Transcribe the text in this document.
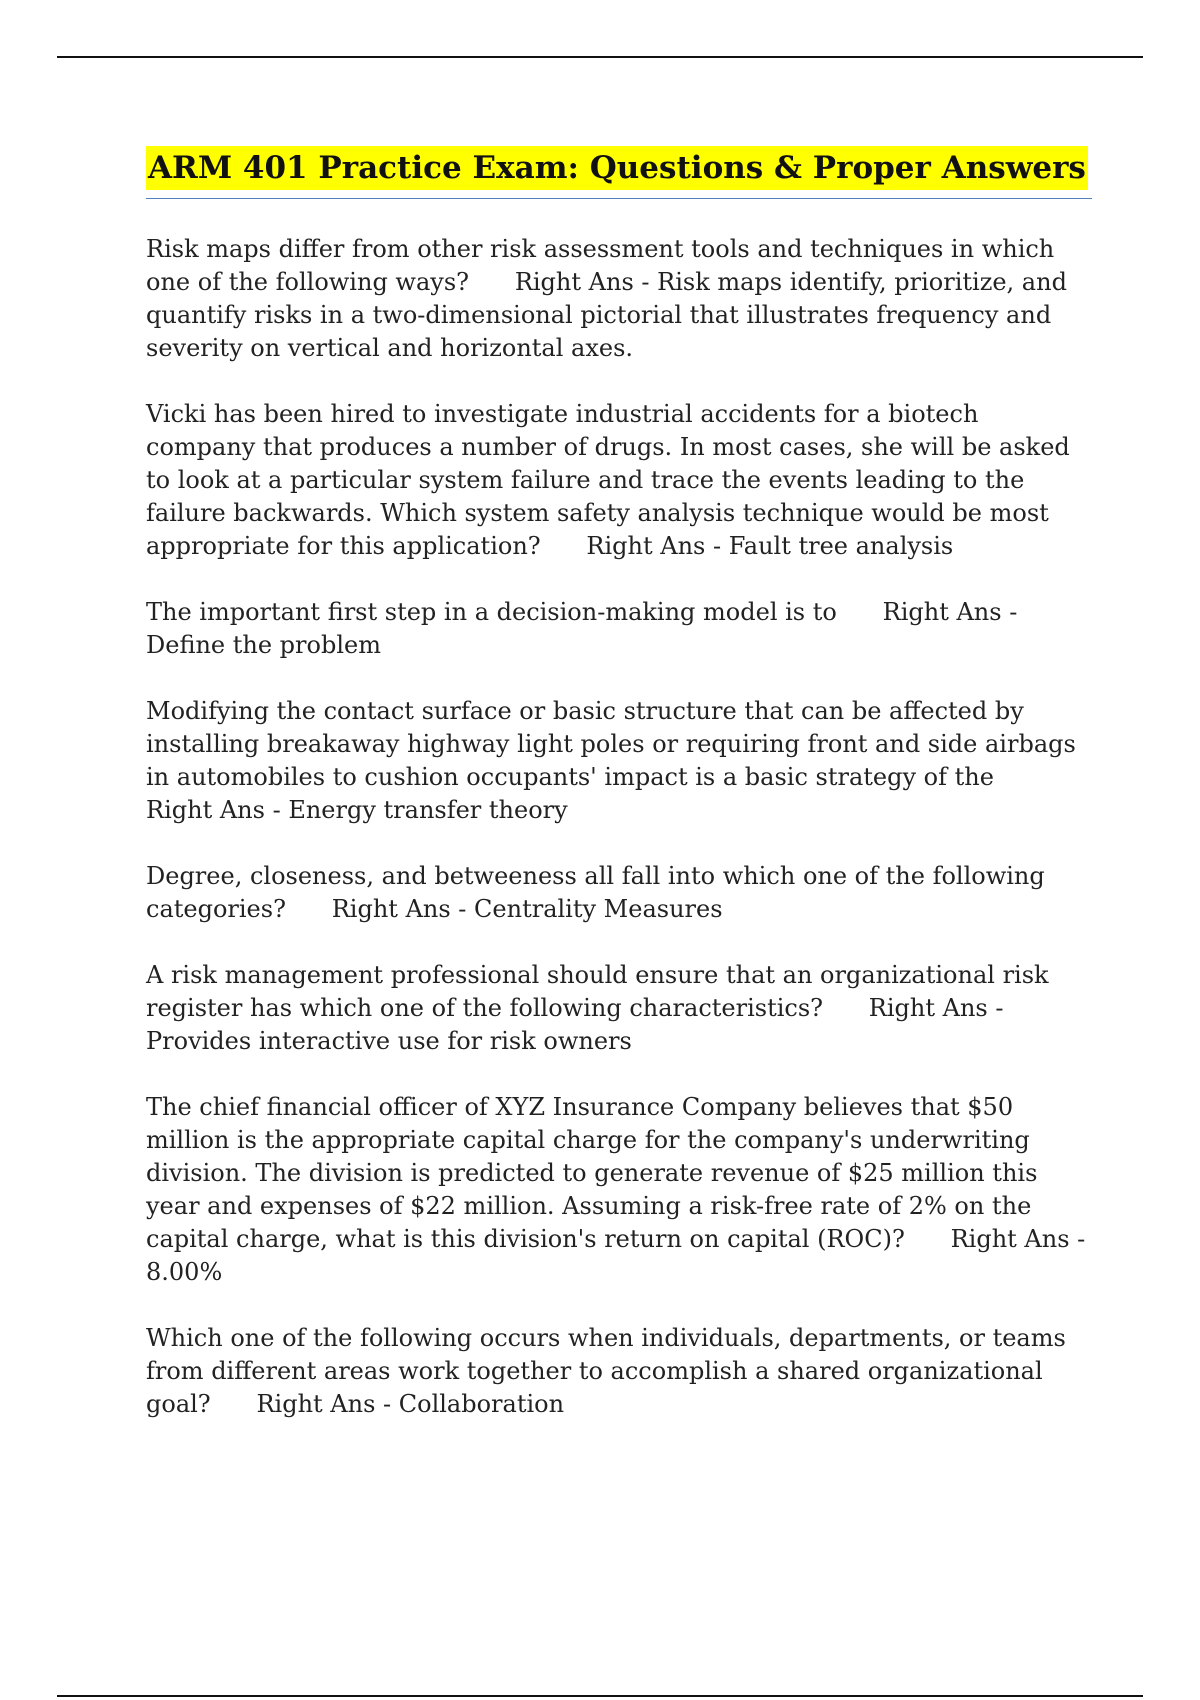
ARM 401 Practice Exam: Questions & Proper Answers

Risk maps differ from other risk assessment tools and techniques in which one of the following ways? Right Ans - Risk maps identify, prioritize, and quantify risks in a two-dimensional pictorial that illustrates frequency and severity on vertical and horizontal axes.

Vicki has been hired to investigate industrial accidents for a biotech company that produces a number of drugs. In most cases, she will be asked to look at a particular system failure and trace the events leading to the failure backwards. Which system safety analysis technique would be most appropriate for this application? Right Ans - Fault tree analysis

The important first step in a decision-making model is to Right Ans - Define the problem

Modifying the contact surface or basic structure that can be affected by installing breakaway highway light poles or requiring front and side airbags in automobiles to cushion occupants' impact is a basic strategy of the      Right Ans - Energy transfer theory

Degree, closeness, and betweeness all fall into which one of the following categories? Right Ans - Centrality Measures

A risk management professional should ensure that an organizational risk register has which one of the following characteristics? Right Ans - Provides interactive use for risk owners

The chief financial officer of XYZ Insurance Company believes that $50 million is the appropriate capital charge for the company's underwriting division. The division is predicted to generate revenue of $25 million this year and expenses of $22 million. Assuming a risk-free rate of 2% on the capital charge, what is this division's return on capital (ROC)? Right Ans - 8.00%

Which one of the following occurs when individuals, departments, or teams from different areas work together to accomplish a shared organizational goal? Right Ans - Collaboration
